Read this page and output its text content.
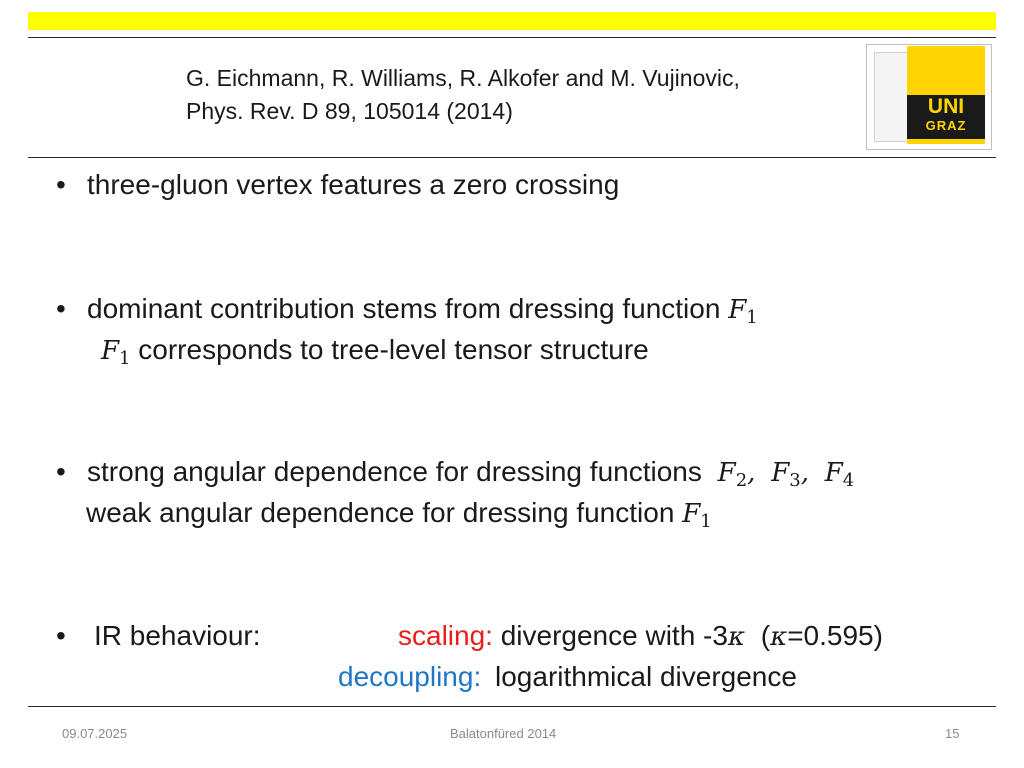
G. Eichmann, R. Williams, R. Alkofer and M. Vujinovic,
Phys. Rev. D 89, 105014 (2014)	UNI
GRAZ
• three-gluon vertex features a zero crossing
• dominant contribution stems from dressing function $F_1$
$F_1$ corresponds to tree-level tensor structure
• strong angular dependence for dressing functions $F_2$, $F_3$, $F_4$
weak angular dependence for dressing function $F_1$
• IR behaviour:	scaling: divergence with -3κ (κ=0.595)
decoupling: logarithmical divergence
09.07.2025	Balatonfüred 2014	15
